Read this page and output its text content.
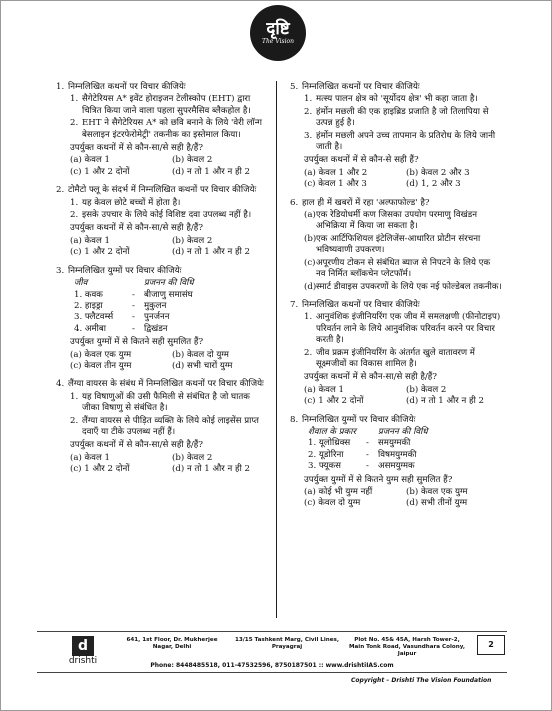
दृष्टि
The Vision
1. निम्नलिखित कथनों पर विचार कीजियेः
1. सैगेटेरियस A* इवेंट होराइजन टेलीस्कोप (EHT) द्वारा चित्रित किया जाने वाला पहला सुपरमैसिव ब्लैकहोल है।
2. EHT ने सैगेटेरियस A* को छवि बनाने के लिये 'वेरी लॉन्ग बेसलाइन इंटरफेरोमेट्री' तकनीक का इस्तेमाल किया।
उपर्युक्त कथनों में से कौन-सा/से सही है/हैं?
(a) केवल 1	(b) केवल 2
(c) 1 और 2 दोनों	(d) न तो 1 और न ही 2
2. टोमैटो फ्लू के संदर्भ में निम्नलिखित कथनों पर विचार कीजियेः
1. यह केवल छोटे बच्चों में होता है।
2. इसके उपचार के लिये कोई विशिष्ट दवा उपलब्ध नहीं है।
उपर्युक्त कथनों में से कौन-सा/से सही है/हैं?
(a) केवल 1	(b) केवल 2
(c) 1 और 2 दोनों	(d) न तो 1 और न ही 2
3. निम्नलिखित युग्मों पर विचार कीजियेः
जीव	प्रजनन की विधि
1. कवक	-	बीजाणु समासंघ
2. हाइड्रा	-	मुकुलन
3. फ्लैटवर्म्स	-	पुनर्जनन
4. अमीबा	-	द्विखंडन
उपर्युक्त युग्मों में से कितने सही सुमलित हैं?
(a) केवल एक युग्म	(b) केवल दो युग्म
(c) केवल तीन युग्म	(d) सभी चारों युग्म
4. लैंग्या वायरस के संबंध में निम्नलिखित कथनों पर विचार कीजियेः
1. यह विषाणुओं की उसी फैमिली से संबंधित है जो घातक जीका विषाणु से संबंधित है।
2. लैंग्या वायरस से पीड़ित व्यक्ति के लिये कोई लाइसेंस प्राप्त दवाएँ या टीके उपलब्ध नहीं हैं।
उपर्युक्त कथनों में से कौन-सा/से सही है/हैं?
(a) केवल 1	(b) केवल 2
(c) 1 और 2 दोनों	(d) न तो 1 और न ही 2
5. निम्नलिखित कथनों पर विचार कीजियेः
1. मत्स्य पालन क्षेत्र को 'सूर्योदय क्षेत्र' भी कहा जाता है।
2. हंर्मोन मछली की एक हाइब्रिड प्रजाति है जो तिलापिया से उत्पन्न हुई है।
3. हंर्मोन मछली अपने उच्च तापमान के प्रतिरोध के लिये जानी जाती है।
उपर्युक्त कथनों में से कौन-से सही हैं?
(a) केवल 1 और 2	(b) केवल 2 और 3
(c) केवल 1 और 3	(d) 1, 2 और 3
6. हाल ही में खबरों में रहा 'अल्फाफोल्ड' है?
(a) एक रेडियोधर्मी कण जिसका उपयोग परमाणु विखंडन अभिक्रिया में किया जा सकता है।
(b) एक आर्टिफिशियल इंटेलिजेंस-आधारित प्रोटीन संरचना भविष्यवाणी उपकरण।
(c) अपूरणीय टोकन से संबंधित ब्याज से निपटने के लिये एक नव निर्मित ब्लॉकचेन प्लेटफॉर्म।
(d) स्मार्ट डीवाइस उपकरणों के लिये एक नई फोल्डेबल तकनीक।
7. निम्नलिखित कथनों पर विचार कीजियेः
1. आनुवंशिक इंजीनियरिंग एक जीव में समलक्षणी (फीनोटाइप) परिवर्तन लाने के लिये आनुवंशिक परिवर्तन करने पर विचार करती है।
2. जीव प्रक्रम इंजीनियरिंग के अंतर्गत खुले वातावरण में सूक्ष्मजीवों का विकास शामिल है।
उपर्युक्त कथनों में से कौन-सा/से सही है/हैं?
(a) केवल 1	(b) केवल 2
(c) 1 और 2 दोनों	(d) न तो 1 और न ही 2
8. निम्नलिखित युग्मों पर विचार कीजियेः
शैवाल के प्रकार	प्रजनन की विधि
1. यूलोथ्रिक्स	-	समयुग्मकी
2. यूडोरिना	-	विषमयुग्मकी
3. फ्यूकस	-	असमयुग्मक
उपर्युक्त युग्मों में से कितने युग्म सही सुमलित हैं?
(a) कोई भी युग्म नहीं	(b) केवल एक युग्म
(c) केवल दो युग्म	(d) सभी तीनों युग्म
d
drishti
641, 1st Floor, Dr. Mukherjee Nagar, Delhi
13/15 Tashkent Marg, Civil Lines, Prayagraj
Plot No. 45& 45A, Harsh Tower-2, Main Tonk Road, Vasundhara Colony, Jaipur
2
Phone: 8448485518, 011-47532596, 8750187501 :: www.drishtiIAS.com
Copyright – Drishti The Vision Foundation
